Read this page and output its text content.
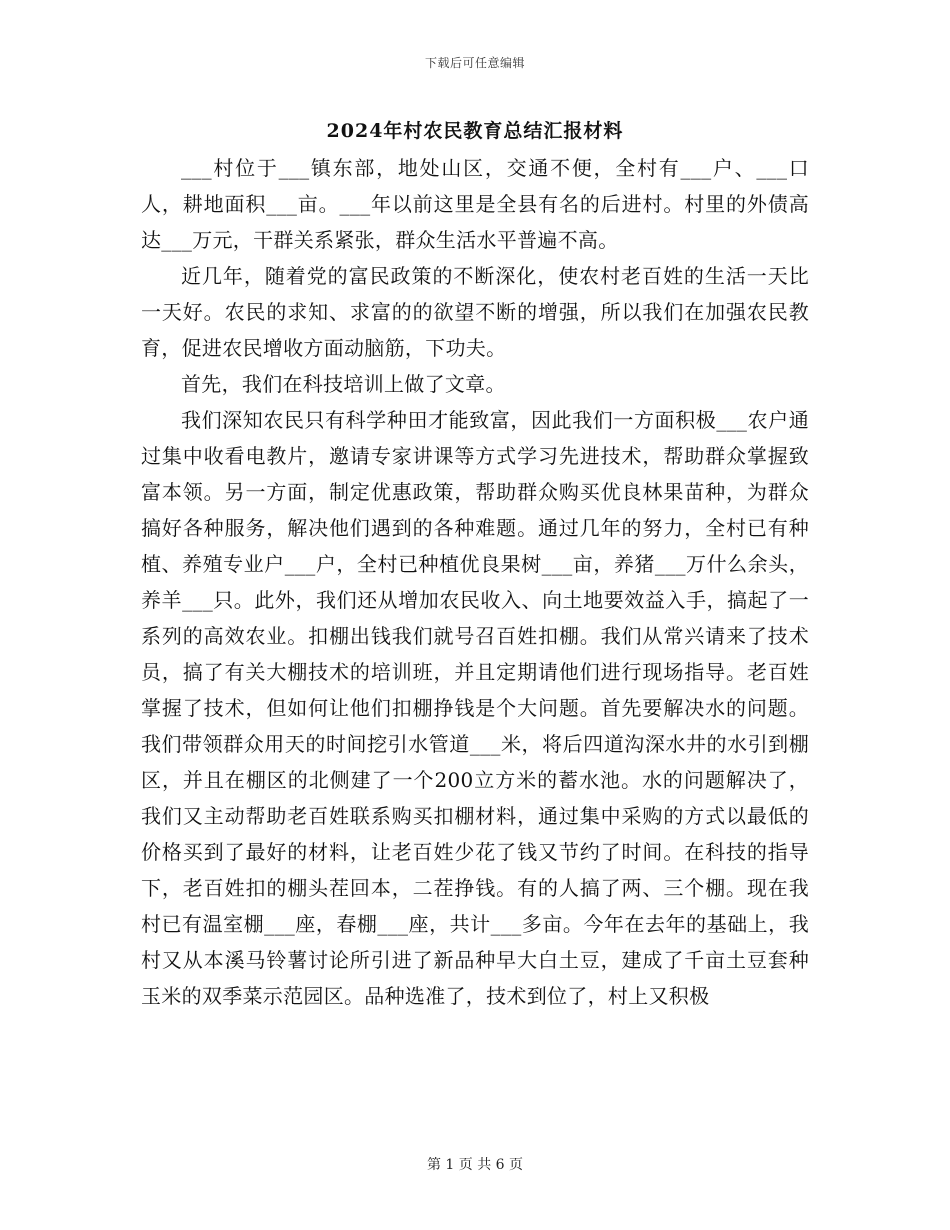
下载后可任意编辑
2024年村农民教育总结汇报材料

___村位于___镇东部，地处山区，交通不便，全村有___户、___口人，耕地面积___亩。___年以前这里是全县有名的后进村。村里的外债高达___万元，干群关系紧张，群众生活水平普遍不高。

近几年，随着党的富民政策的不断深化，使农村老百姓的生活一天比一天好。农民的求知、求富的的欲望不断的增强，所以我们在加强农民教育，促进农民增收方面动脑筋，下功夫。

首先，我们在科技培训上做了文章。

我们深知农民只有科学种田才能致富，因此我们一方面积极___农户通过集中收看电教片，邀请专家讲课等方式学习先进技术，帮助群众掌握致富本领。另一方面，制定优惠政策，帮助群众购买优良林果苗种，为群众搞好各种服务，解决他们遇到的各种难题。通过几年的努力，全村已有种植、养殖专业户___户，全村已种植优良果树___亩，养猪___万什么余头，养羊___只。此外，我们还从增加农民收入、向土地要效益入手，搞起了一系列的高效农业。扣棚出钱我们就号召百姓扣棚。我们从常兴请来了技术员，搞了有关大棚技术的培训班，并且定期请他们进行现场指导。老百姓掌握了技术，但如何让他们扣棚挣钱是个大问题。首先要解决水的问题。我们带领群众用天的时间挖引水管道___米，将后四道沟深水井的水引到棚区，并且在棚区的北侧建了一个200立方米的蓄水池。水的问题解决了，我们又主动帮助老百姓联系购买扣棚材料，通过集中采购的方式以最低的价格买到了最好的材料，让老百姓少花了钱又节约了时间。在科技的指导下，老百姓扣的棚头茬回本，二茬挣钱。有的人搞了两、三个棚。现在我村已有温室棚___座，春棚___座，共计___多亩。今年在去年的基础上，我村又从本溪马铃薯讨论所引进了新品种早大白土豆，建成了千亩土豆套种玉米的双季菜示范园区。品种选准了，技术到位了，村上又积极

第 1 页 共 6 页
